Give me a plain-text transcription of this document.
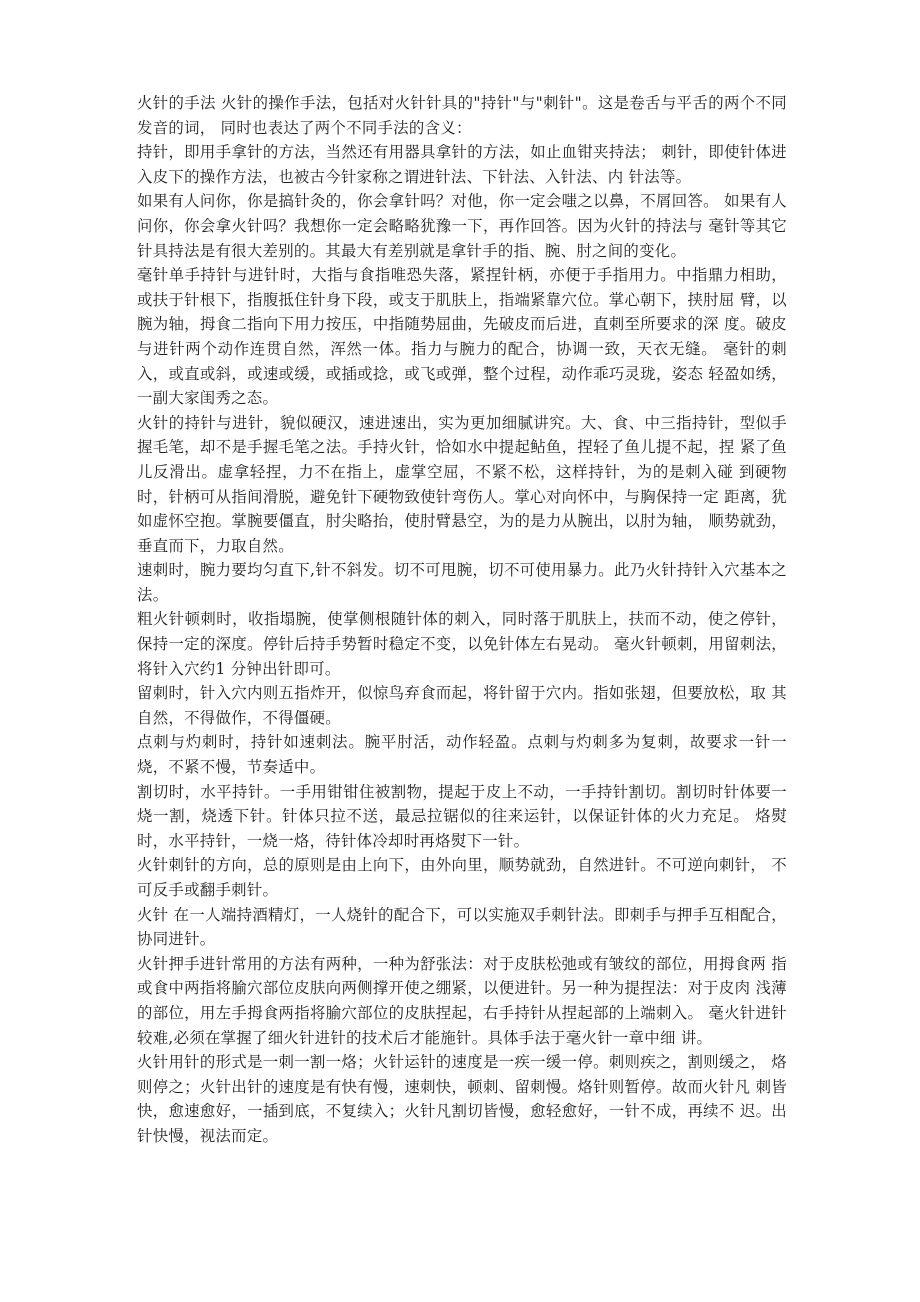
火针的手法 火针的操作手法，包括对火针针具的"持针"与"刺针"。这是卷舌与平舌的两个不同发音的词， 同时也表达了两个不同手法的含义：

持针，即用手拿针的方法，当然还有用器具拿针的方法，如止血钳夹持法； 刺针，即使针体进入皮下的操作方法，也被古今针家称之谓进针法、下针法、入针法、内 针法等。

如果有人问你，你是搞针灸的，你会拿针吗？对他，你一定会嗤之以鼻，不屑回答。 如果有人问你，你会拿火针吗？我想你一定会略略犹豫一下，再作回答。因为火针的持法与 毫针等其它针具持法是有很大差别的。其最大有差别就是拿针手的指、腕、肘之间的变化。

毫针单手持针与进针时，大指与食指唯恐失落，紧捏针柄，亦便于手指用力。中指鼎力相助，或扶于针根下，指腹抵住针身下段，或支于肌肤上，指端紧靠穴位。掌心朝下，挟肘屈 臂，以腕为轴，拇食二指向下用力按压，中指随势屈曲，先破皮而后进，直刺至所要求的深 度。破皮与进针两个动作连贯自然，浑然一体。指力与腕力的配合，协调一致，天衣无缝。 毫针的刺入，或直或斜，或速或缓，或插或捻，或飞或弹，整个过程，动作乖巧灵珑，姿态 轻盈如绣，一副大家闺秀之态。

火针的持针与进针，貌似硬汉，速进速出，实为更加细腻讲究。大、食、中三指持针，型似手握毛笔，却不是手握毛笔之法。手持火针，恰如水中提起鲇鱼，捏轻了鱼儿提不起，捏 紧了鱼儿反滑出。虚拿轻捏，力不在指上，虚掌空屈，不紧不松，这样持针，为的是刺入碰 到硬物时，针柄可从指间滑脱，避免针下硬物致使针弯伤人。掌心对向怀中，与胸保持一定 距离，犹如虚怀空抱。掌腕要僵直，肘尖略抬，使肘臂悬空，为的是力从腕出，以肘为轴， 顺势就劲，垂直而下，力取自然。

速刺时，腕力要均匀直下,针不斜发。切不可甩腕，切不可使用暴力。此乃火针持针入穴基本之法。

粗火针顿刺时，收指塌腕，使掌侧根随针体的刺入，同时落于肌肤上，扶而不动，使之停针，保持一定的深度。停针后持手势暂时稳定不变，以免针体左右晃动。 毫火针顿刺，用留刺法，将针入穴约1 分钟出针即可。

留刺时，针入穴内则五指炸开，似惊鸟弃食而起，将针留于穴内。指如张翅，但要放松，取 其自然，不得做作，不得僵硬。

点刺与灼刺时，持针如速刺法。腕平肘活，动作轻盈。点刺与灼刺多为复刺，故要求一针一 烧，不紧不慢，节奏适中。

割切时，水平持针。一手用钳钳住被割物，提起于皮上不动，一手持针割切。割切时针体要一烧一割，烧透下针。针体只拉不送，最忌拉锯似的往来运针，以保证针体的火力充足。 烙熨时，水平持针，一烧一烙，待针体冷却时再烙熨下一针。

火针刺针的方向，总的原则是由上向下，由外向里，顺势就劲，自然进针。不可逆向刺针， 不可反手或翻手刺针。

火针 在一人端持酒精灯，一人烧针的配合下，可以实施双手刺针法。即刺手与押手互相配合， 协同进针。

火针押手进针常用的方法有两种，一种为舒张法：对于皮肤松弛或有皱纹的部位，用拇食两 指或食中两指将腧穴部位皮肤向两侧撑开使之绷紧，以便进针。另一种为提捏法：对于皮肉 浅薄的部位，用左手拇食两指将腧穴部位的皮肤捏起，右手持针从捏起部的上端刺入。 毫火针进针较难,必须在掌握了细火针进针的技术后才能施针。具体手法于毫火针一章中细 讲。

火针用针的形式是一刺一割一烙；火针运针的速度是一疾一缓一停。刺则疾之，割则缓之， 烙则停之；火针出针的速度是有快有慢，速刺快，顿刺、留刺慢。烙针则暂停。故而火针凡 刺皆快，愈速愈好，一插到底，不复续入；火针凡割切皆慢，愈轻愈好，一针不成，再续不 迟。出针快慢，视法而定。
